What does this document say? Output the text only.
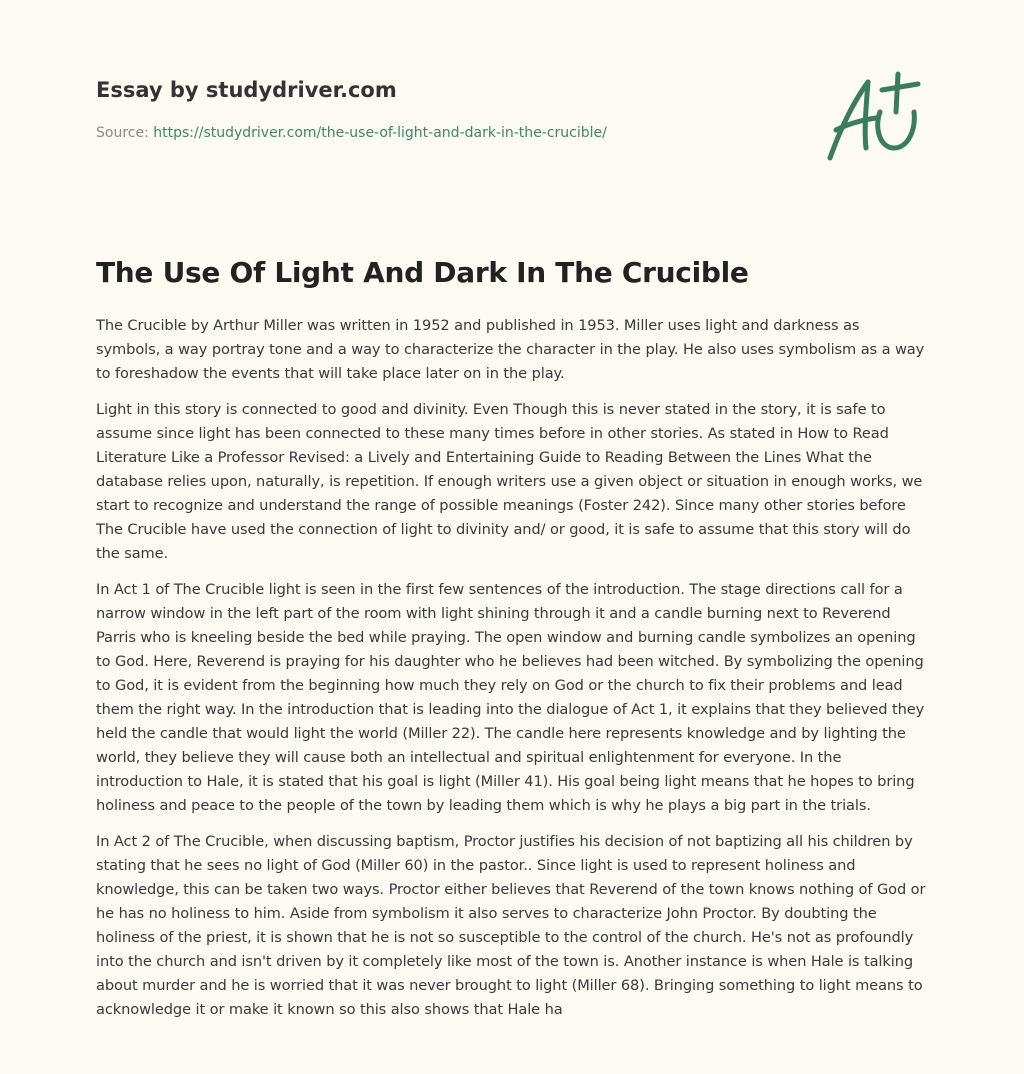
Essay by studydriver.com
Source: https://studydriver.com/the-use-of-light-and-dark-in-the-crucible/
The Use Of Light And Dark In The Crucible

The Crucible by Arthur Miller was written in 1952 and published in 1953. Miller uses light and darkness as symbols, a way portray tone and a way to characterize the character in the play. He also uses symbolism as a way to foreshadow the events that will take place later on in the play.

Light in this story is connected to good and divinity. Even Though this is never stated in the story, it is safe to assume since light has been connected to these many times before in other stories. As stated in How to Read Literature Like a Professor Revised: a Lively and Entertaining Guide to Reading Between the Lines What the database relies upon, naturally, is repetition. If enough writers use a given object or situation in enough works, we start to recognize and understand the range of possible meanings (Foster 242). Since many other stories before The Crucible have used the connection of light to divinity and/ or good, it is safe to assume that this story will do the same.

In Act 1 of The Crucible light is seen in the first few sentences of the introduction. The stage directions call for a narrow window in the left part of the room with light shining through it and a candle burning next to Reverend Parris who is kneeling beside the bed while praying. The open window and burning candle symbolizes an opening to God. Here, Reverend is praying for his daughter who he believes had been witched. By symbolizing the opening to God, it is evident from the beginning how much they rely on God or the church to fix their problems and lead them the right way. In the introduction that is leading into the dialogue of Act 1, it explains that they believed they held the candle that would light the world (Miller 22). The candle here represents knowledge and by lighting the world, they believe they will cause both an intellectual and spiritual enlightenment for everyone. In the introduction to Hale, it is stated that his goal is light (Miller 41). His goal being light means that he hopes to bring holiness and peace to the people of the town by leading them which is why he plays a big part in the trials.

In Act 2 of The Crucible, when discussing baptism, Proctor justifies his decision of not baptizing all his children by stating that he sees no light of God (Miller 60) in the pastor.. Since light is used to represent holiness and knowledge, this can be taken two ways. Proctor either believes that Reverend of the town knows nothing of God or he has no holiness to him. Aside from symbolism it also serves to characterize John Proctor. By doubting the holiness of the priest, it is shown that he is not so susceptible to the control of the church. He's not as profoundly into the church and isn't driven by it completely like most of the town is. Another instance is when Hale is talking about murder and he is worried that it was never brought to light (Miller 68). Bringing something to light means to acknowledge it or make it known so this also shows that Hale ha
